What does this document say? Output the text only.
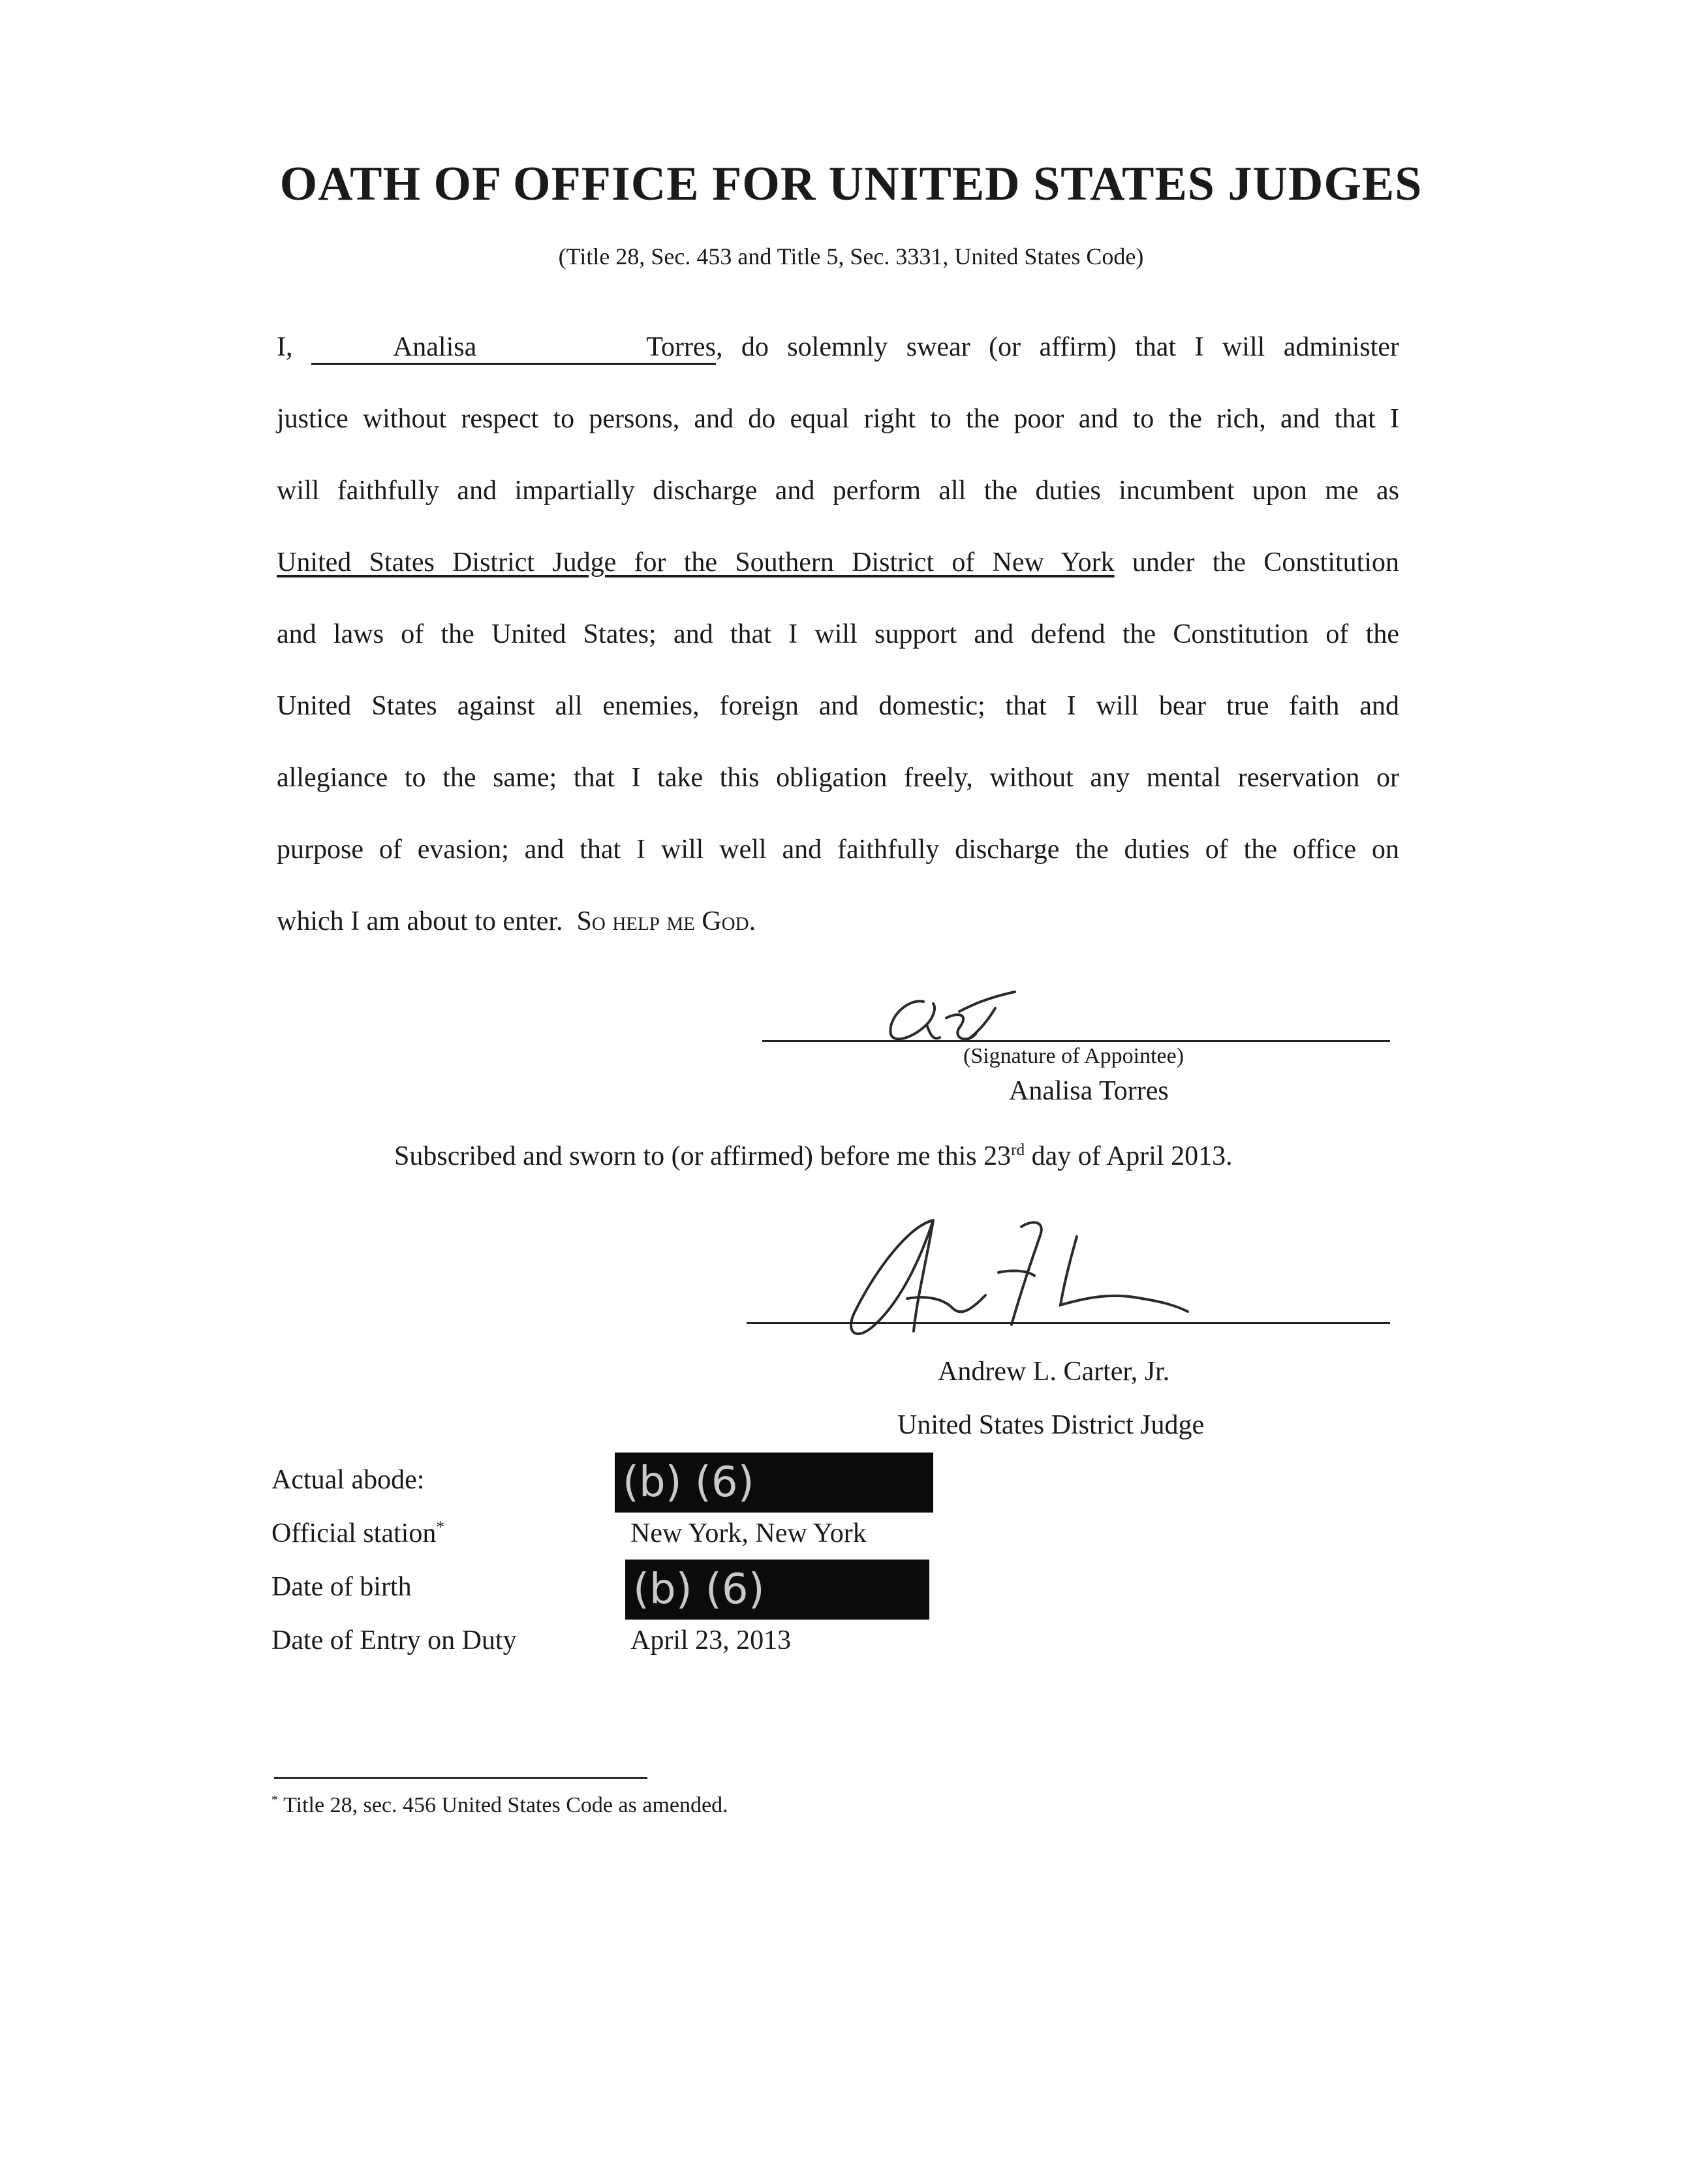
OATH OF OFFICE FOR UNITED STATES JUDGES
(Title 28, Sec. 453 and Title 5, Sec. 3331, United States Code)
I,	Analisa Torres, do solemnly swear (or affirm) that I will administer
justice without respect to persons, and do equal right to the poor and to the rich, and that I
will faithfully and impartially discharge and perform all the duties incumbent upon me as
United States District Judge for the Southern District of New York under the Constitution
and laws of the United States; and that I will support and defend the Constitution of the
United States against all enemies, foreign and domestic; that I will bear true faith and
allegiance to the same; that I take this obligation freely, without any mental reservation or
purpose of evasion; and that I will well and faithfully discharge the duties of the office on
which I am about to enter. So help me God.
(Signature of Appointee)
Analisa Torres
Subscribed and sworn to (or affirmed) before me this 23rd day of April 2013.
Andrew L. Carter, Jr.
United States District Judge
Actual abode:	(b) (6)
Official station*	New York, New York
Date of birth	(b) (6)
Date of Entry on Duty	April 23, 2013
* Title 28, sec. 456 United States Code as amended.
